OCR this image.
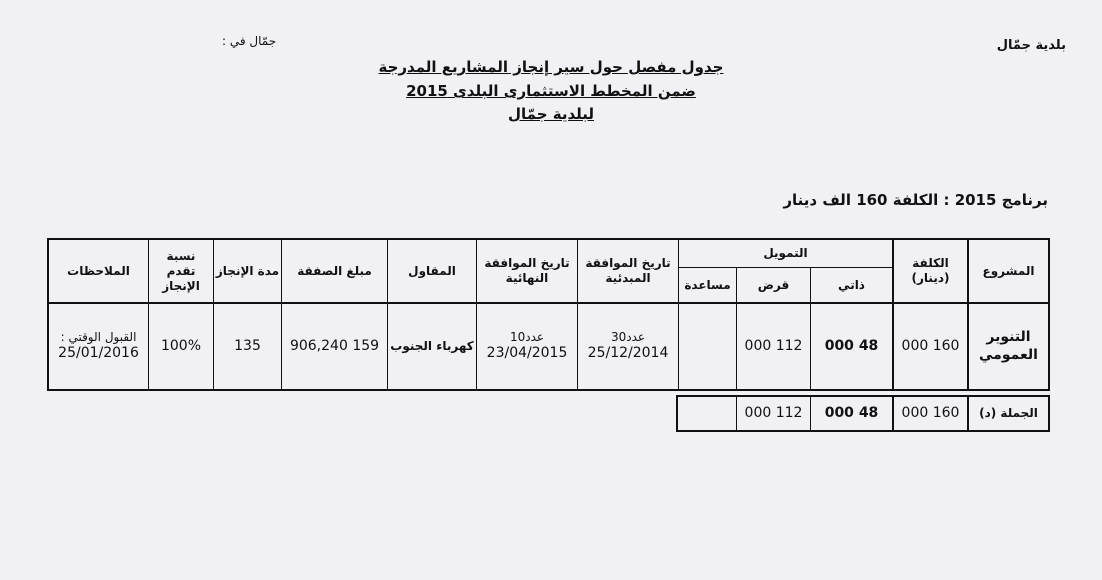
بلدية جمّال
جمّال في :
جدول مفصل حول سير إنجاز المشاريع المدرجة
ضمن المخطط الاستثمارى البلدى 2015
لبلدية جمّال
برنامج 2015 : الكلفة 160 الف دينار
المشروع
الكلفة (دينار)
التمويل
ذاتي
قرض
مساعدة
تاريخ الموافقة المبدئية
تاريخ الموافقة النهائية
المقاول
مبلغ الصفقة
مدة الإنجاز
نسبة تقدم الإنجاز
الملاحظات
التنوير العمومي
160 000
48 000
112 000
عدد30
25/12/2014
عدد10
23/04/2015
كهرباء الجنوب
159 906,240
135
100%
القبول الوقتي :
25/01/2016
الجملة (د)
160 000
48 000
112 000
